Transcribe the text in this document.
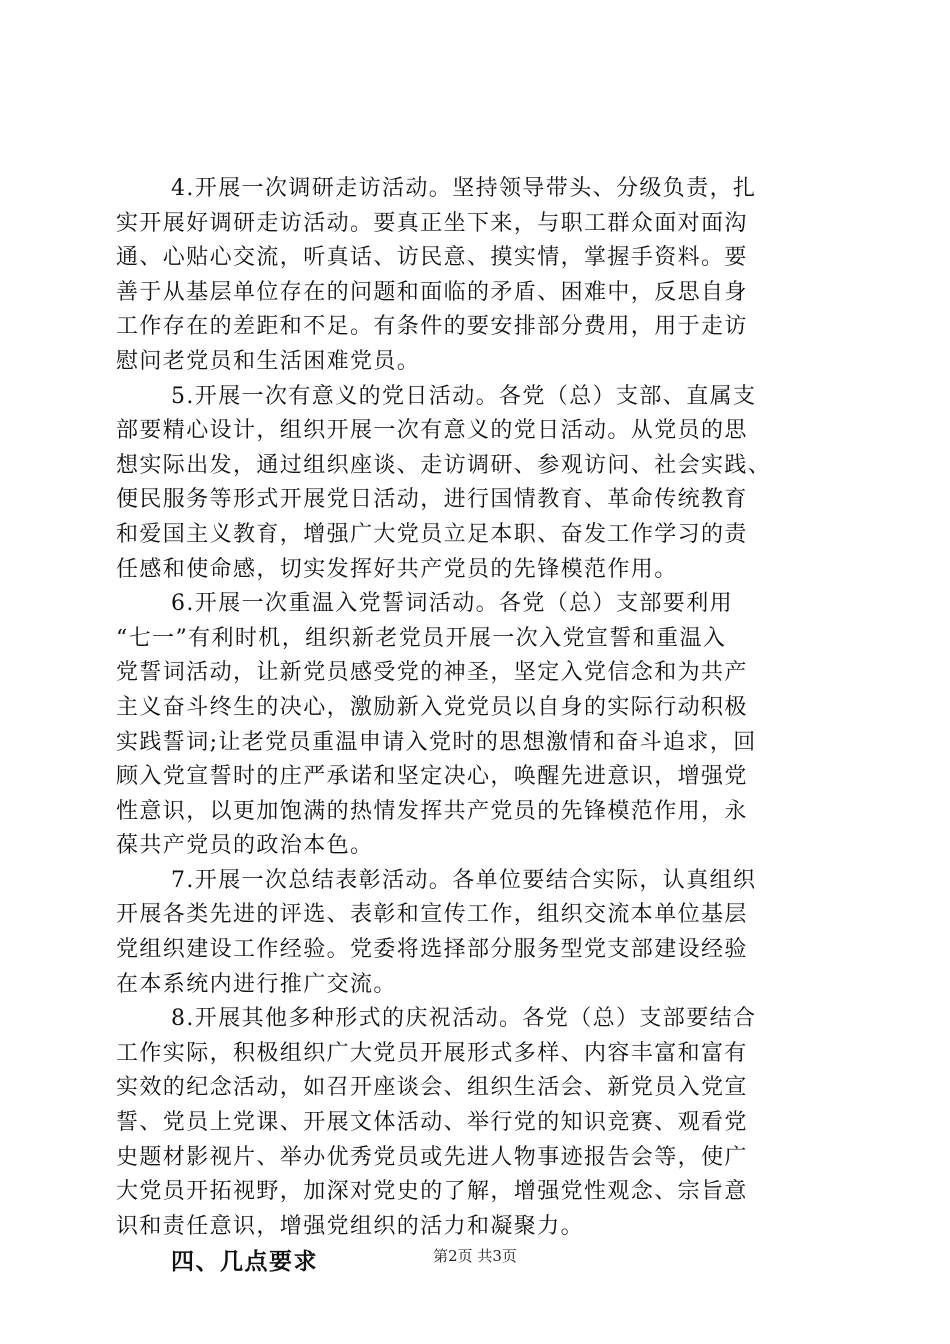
4.开展一次调研走访活动。坚持领导带头、分级负责，扎
实开展好调研走访活动。要真正坐下来，与职工群众面对面沟
通、心贴心交流，听真话、访民意、摸实情，掌握手资料。要
善于从基层单位存在的问题和面临的矛盾、困难中，反思自身
工作存在的差距和不足。有条件的要安排部分费用，用于走访
慰问老党员和生活困难党员。
5.开展一次有意义的党日活动。各党（总）支部、直属支
部要精心设计，组织开展一次有意义的党日活动。从党员的思
想实际出发，通过组织座谈、走访调研、参观访问、社会实践、
便民服务等形式开展党日活动，进行国情教育、革命传统教育
和爱国主义教育，增强广大党员立足本职、奋发工作学习的责
任感和使命感，切实发挥好共产党员的先锋模范作用。
6.开展一次重温入党誓词活动。各党（总）支部要利用
“七一”有利时机，组织新老党员开展一次入党宣誓和重温入
党誓词活动，让新党员感受党的神圣，坚定入党信念和为共产
主义奋斗终生的决心，激励新入党党员以自身的实际行动积极
实践誓词;让老党员重温申请入党时的思想激情和奋斗追求，回
顾入党宣誓时的庄严承诺和坚定决心，唤醒先进意识，增强党
性意识，以更加饱满的热情发挥共产党员的先锋模范作用，永
葆共产党员的政治本色。
7.开展一次总结表彰活动。各单位要结合实际，认真组织
开展各类先进的评选、表彰和宣传工作，组织交流本单位基层
党组织建设工作经验。党委将选择部分服务型党支部建设经验
在本系统内进行推广交流。
8.开展其他多种形式的庆祝活动。各党（总）支部要结合
工作实际，积极组织广大党员开展形式多样、内容丰富和富有
实效的纪念活动，如召开座谈会、组织生活会、新党员入党宣
誓、党员上党课、开展文体活动、举行党的知识竞赛、观看党
史题材影视片、举办优秀党员或先进人物事迹报告会等，使广
大党员开拓视野，加深对党史的了解，增强党性观念、宗旨意
识和责任意识，增强党组织的活力和凝聚力。
四、几点要求	第2页 共3页
